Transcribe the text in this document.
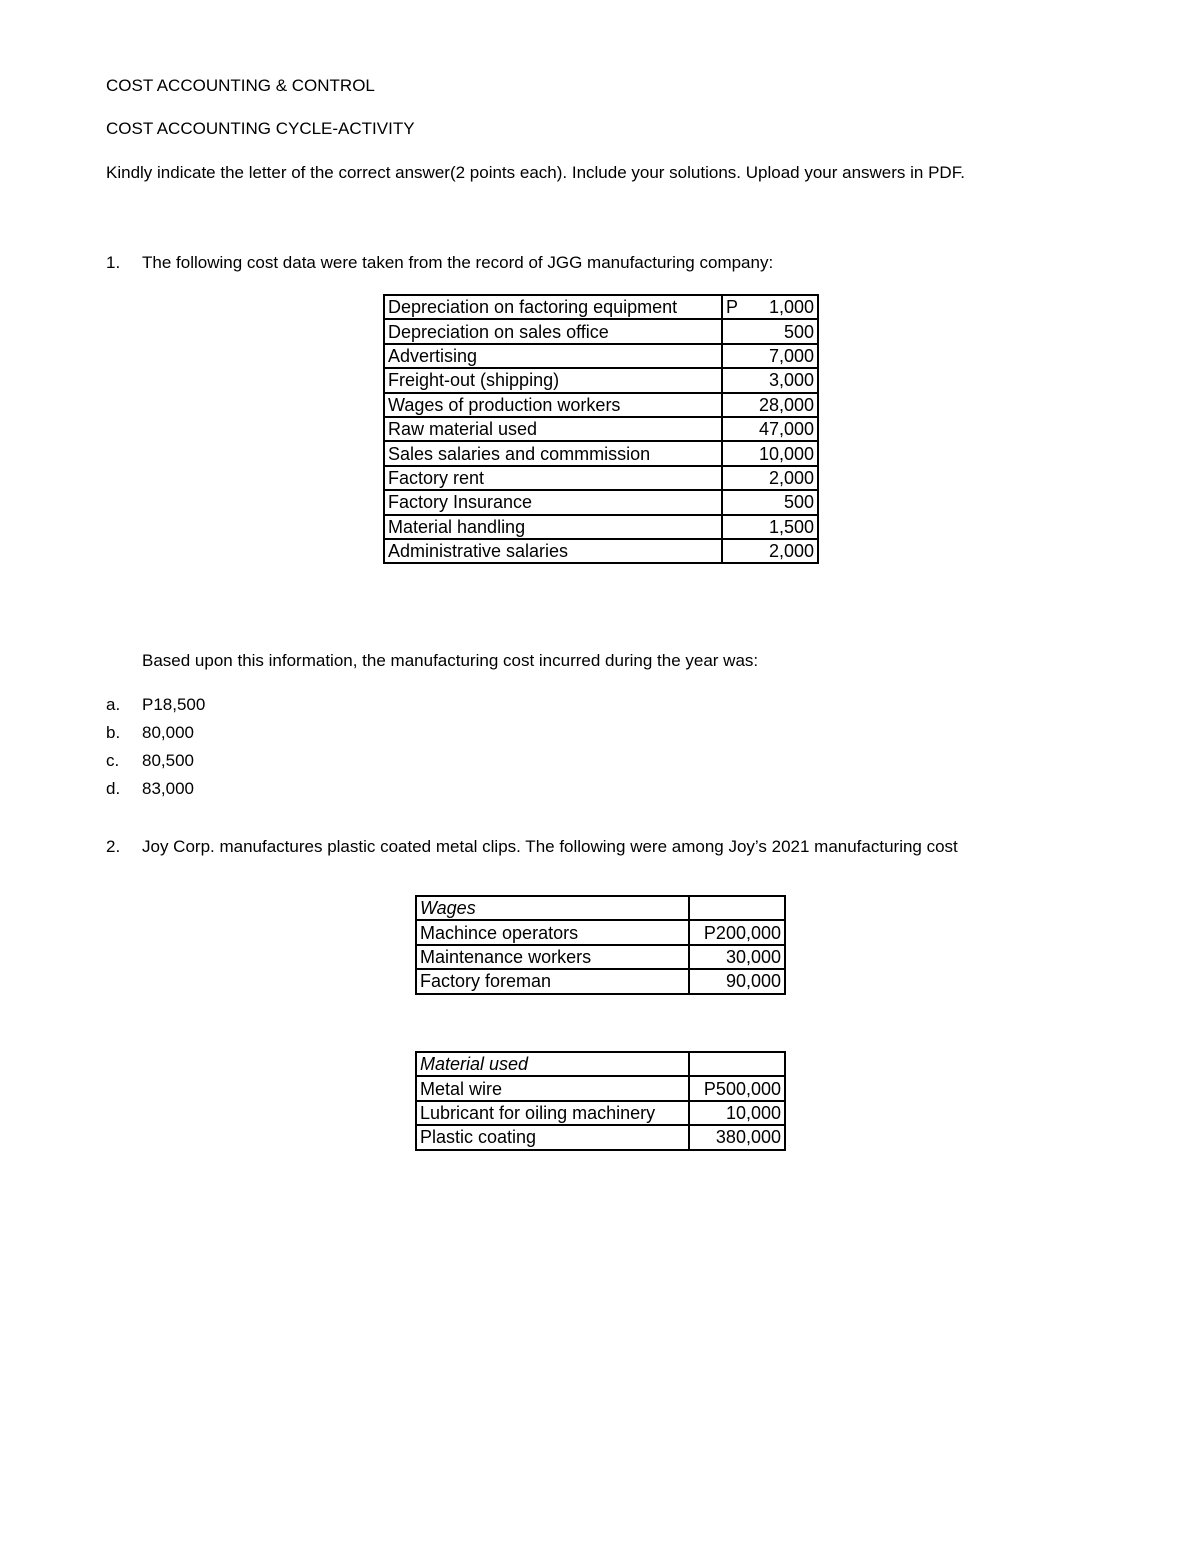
COST ACCOUNTING & CONTROL
COST ACCOUNTING CYCLE-ACTIVITY
Kindly indicate the letter of the correct answer(2 points each). Include your solutions. Upload your answers in PDF.
1. The following cost data were taken from the record of JGG manufacturing company:
Depreciation on factoring equipment	P 1,000
Depreciation on sales office	500
Advertising	7,000
Freight-out (shipping)	3,000
Wages of production workers	28,000
Raw material used	47,000
Sales salaries and commmission	10,000
Factory rent	2,000
Factory Insurance	500
Material handling	1,500
Administrative salaries	2,000
Based upon this information, the manufacturing cost incurred during the year was:
a. P18,500
b. 80,000
c. 80,500
d. 83,000
2. Joy Corp. manufactures plastic coated metal clips. The following were among Joy’s 2021 manufacturing cost
Wages	
Machince operators	P200,000
Maintenance workers	30,000
Factory foreman	90,000
Material used	
Metal wire	P500,000
Lubricant for oiling machinery	10,000
Plastic coating	380,000
